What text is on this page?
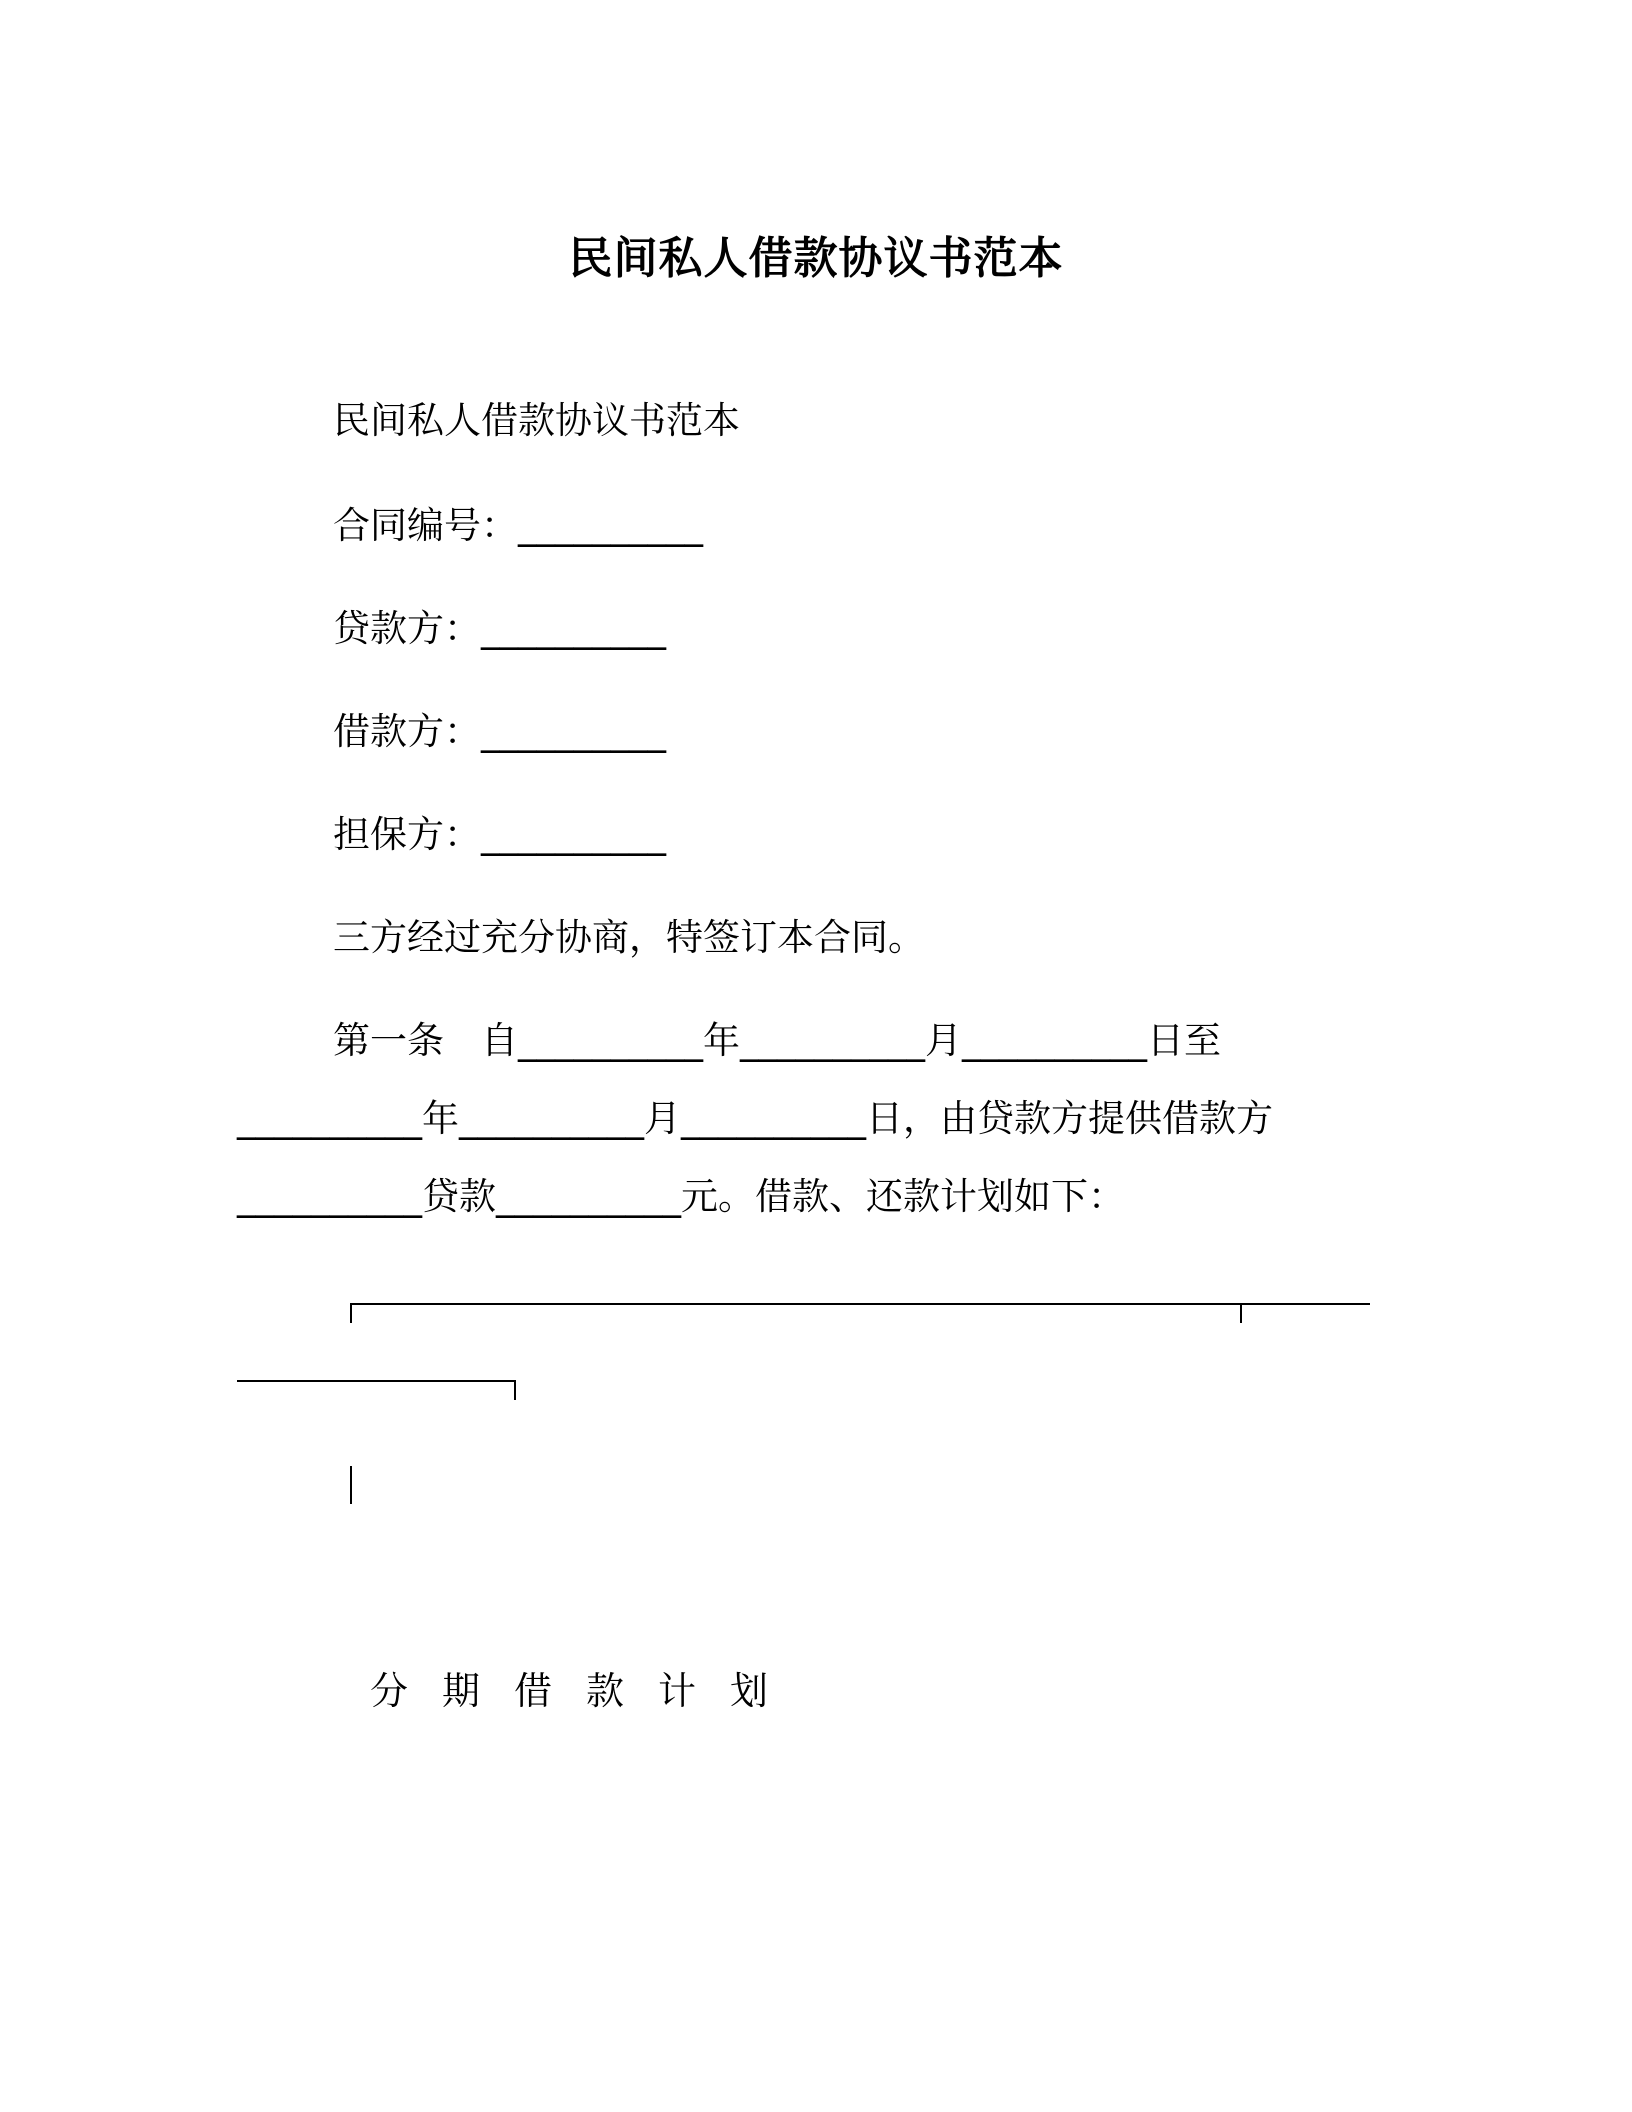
民间私人借款协议书范本
民间私人借款协议书范本
合同编号：__________
贷款方：__________
借款方：__________
担保方：__________
三方经过充分协商，特签订本合同。
第一条　自__________年__________月__________日至
__________年__________月__________日，由贷款方提供借款方
__________贷款__________元。借款、还款计划如下：
分期借款计划
